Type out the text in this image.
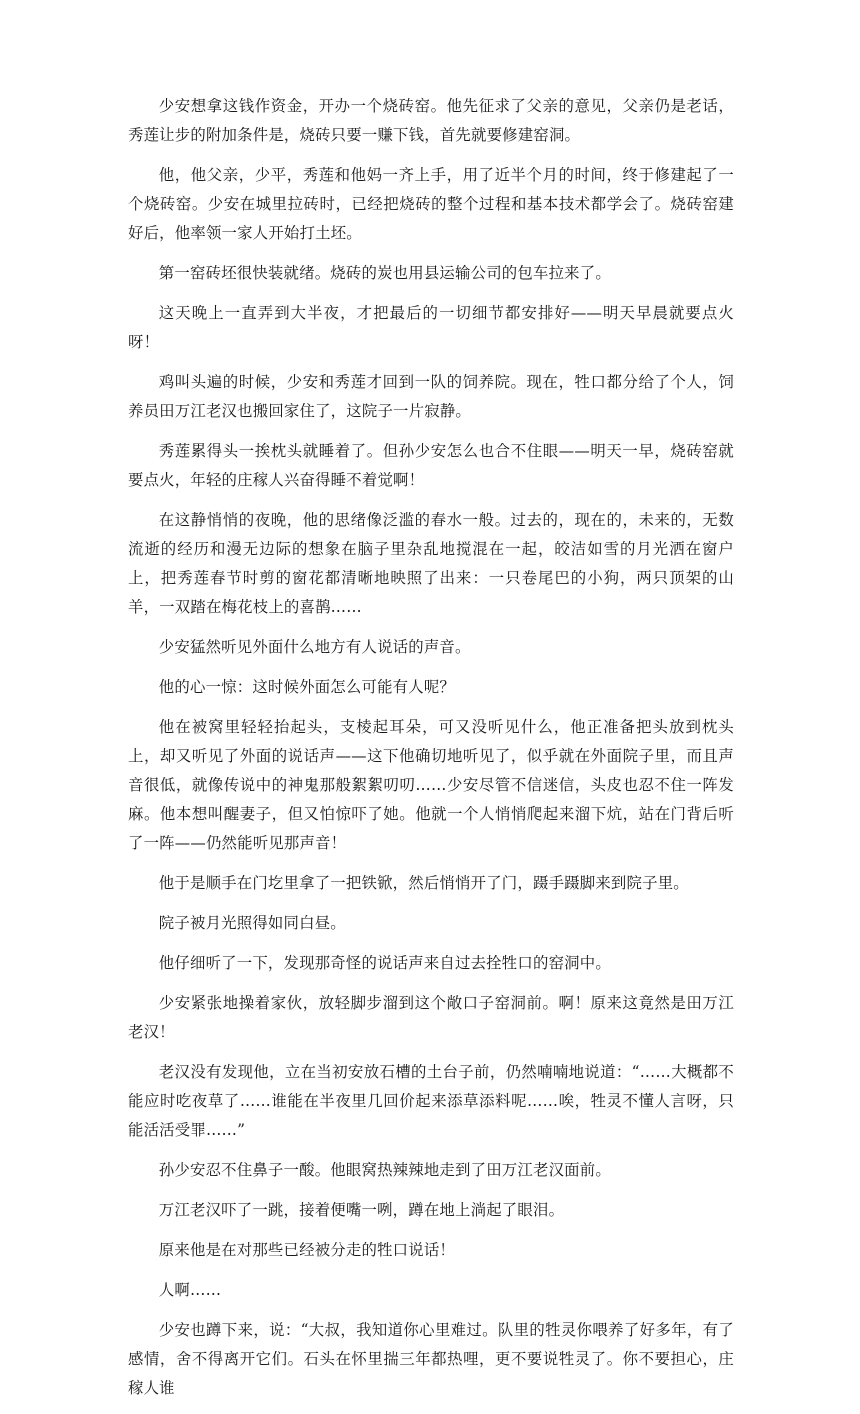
少安想拿这钱作资金，开办一个烧砖窑。他先征求了父亲的意见，父亲仍是老话，秀莲让步的附加条件是，烧砖只要一赚下钱，首先就要修建窑洞。

他，他父亲，少平，秀莲和他妈一齐上手，用了近半个月的时间，终于修建起了一个烧砖窑。少安在城里拉砖时，已经把烧砖的整个过程和基本技术都学会了。烧砖窑建好后，他率领一家人开始打土坯。

第一窑砖坯很快装就绪。烧砖的炭也用县运输公司的包车拉来了。

这天晚上一直弄到大半夜，才把最后的一切细节都安排好——明天早晨就要点火呀！

鸡叫头遍的时候，少安和秀莲才回到一队的饲养院。现在，牲口都分给了个人，饲养员田万江老汉也搬回家住了，这院子一片寂静。

秀莲累得头一挨枕头就睡着了。但孙少安怎么也合不住眼——明天一早，烧砖窑就要点火，年轻的庄稼人兴奋得睡不着觉啊！

在这静悄悄的夜晚，他的思绪像泛滥的春水一般。过去的，现在的，未来的，无数流逝的经历和漫无边际的想象在脑子里杂乱地搅混在一起，皎洁如雪的月光洒在窗户上，把秀莲春节时剪的窗花都清晰地映照了出来：一只卷尾巴的小狗，两只顶架的山羊，一双踏在梅花枝上的喜鹊……

少安猛然听见外面什么地方有人说话的声音。

他的心一惊：这时候外面怎么可能有人呢？

他在被窝里轻轻抬起头，支棱起耳朵，可又没听见什么，他正准备把头放到枕头上，却又听见了外面的说话声——这下他确切地听见了，似乎就在外面院子里，而且声音很低，就像传说中的神鬼那般絮絮叨叨……少安尽管不信迷信，头皮也忍不住一阵发麻。他本想叫醒妻子，但又怕惊吓了她。他就一个人悄悄爬起来溜下炕，站在门背后听了一阵——仍然能听见那声音！

他于是顺手在门圪里拿了一把铁锨，然后悄悄开了门，蹑手蹑脚来到院子里。

院子被月光照得如同白昼。

他仔细听了一下，发现那奇怪的说话声来自过去拴牲口的窑洞中。

少安紧张地操着家伙，放轻脚步溜到这个敞口子窑洞前。啊！原来这竟然是田万江老汉！

老汉没有发现他，立在当初安放石槽的土台子前，仍然喃喃地说道：“……大概都不能应时吃夜草了……谁能在半夜里几回价起来添草添料呢……唉，牲灵不懂人言呀，只能活活受罪……”

孙少安忍不住鼻子一酸。他眼窝热辣辣地走到了田万江老汉面前。

万江老汉吓了一跳，接着便嘴一咧，蹲在地上淌起了眼泪。

原来他是在对那些已经被分走的牲口说话！

人啊……

少安也蹲下来，说：“大叔，我知道你心里难过。队里的牲灵你喂养了好多年，有了感情，舍不得离开它们。石头在怀里揣三年都热哩，更不要说牲灵了。你不要担心，庄稼人谁
